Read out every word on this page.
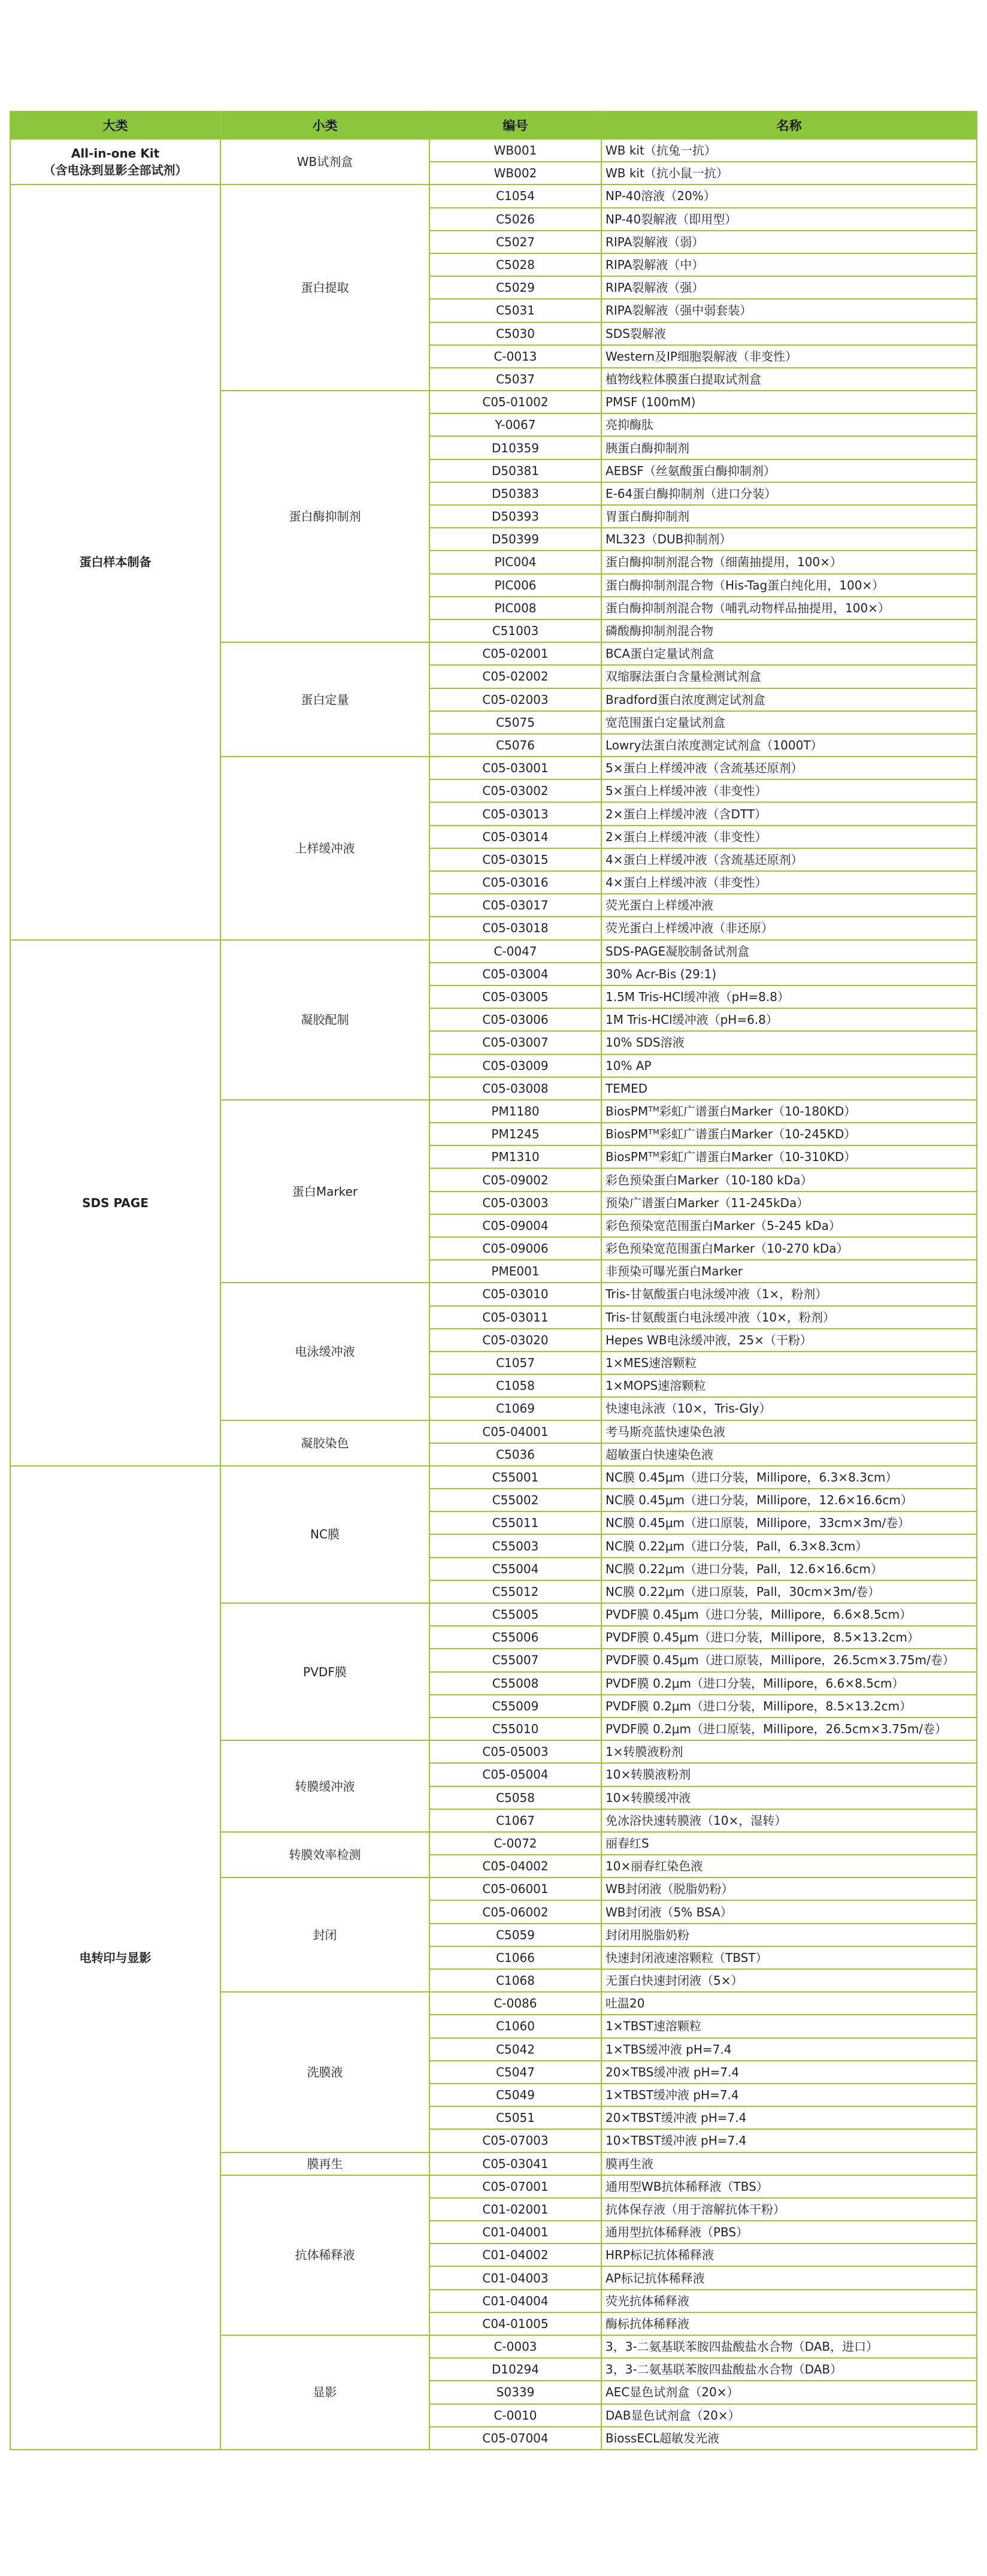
大类	小类	编号	名称

All-in-one Kit
（含电泳到显影全部试剂）	WB试剂盒	WB001	WB kit（抗兔一抗）
		WB002	WB kit（抗小鼠一抗）

蛋白样本制备	蛋白提取	C1054	NP-40溶液（20%）
		C5026	NP-40裂解液（即用型）
		C5027	RIPA裂解液（弱）
		C5028	RIPA裂解液（中）
		C5029	RIPA裂解液（强）
		C5031	RIPA裂解液（强中弱套装）
		C5030	SDS裂解液
		C-0013	Western及IP细胞裂解液（非变性）
		C5037	植物线粒体膜蛋白提取试剂盒
	蛋白酶抑制剂	C05-01002	PMSF (100mM)
		Y-0067	亮抑酶肽
		D10359	胰蛋白酶抑制剂
		D50381	AEBSF（丝氨酸蛋白酶抑制剂）
		D50383	E-64蛋白酶抑制剂（进口分装）
		D50393	胃蛋白酶抑制剂
		D50399	ML323（DUB抑制剂）
		PIC004	蛋白酶抑制剂混合物（细菌抽提用，100×）
		PIC006	蛋白酶抑制剂混合物（His-Tag蛋白纯化用，100×）
		PIC008	蛋白酶抑制剂混合物（哺乳动物样品抽提用，100×）
		C51003	磷酸酶抑制剂混合物
	蛋白定量	C05-02001	BCA蛋白定量试剂盒
		C05-02002	双缩脲法蛋白含量检测试剂盒
		C05-02003	Bradford蛋白浓度测定试剂盒
		C5075	宽范围蛋白定量试剂盒
		C5076	Lowry法蛋白浓度测定试剂盒（1000T）
	上样缓冲液	C05-03001	5×蛋白上样缓冲液（含巯基还原剂）
		C05-03002	5×蛋白上样缓冲液（非变性）
		C05-03013	2×蛋白上样缓冲液（含DTT）
		C05-03014	2×蛋白上样缓冲液（非变性）
		C05-03015	4×蛋白上样缓冲液（含巯基还原剂）
		C05-03016	4×蛋白上样缓冲液（非变性）
		C05-03017	荧光蛋白上样缓冲液
		C05-03018	荧光蛋白上样缓冲液（非还原）

SDS PAGE	凝胶配制	C-0047	SDS-PAGE凝胶制备试剂盒
		C05-03004	30% Acr-Bis (29:1)
		C05-03005	1.5M Tris-HCl缓冲液（pH=8.8）
		C05-03006	1M Tris-HCl缓冲液（pH=6.8）
		C05-03007	10% SDS溶液
		C05-03009	10% AP
		C05-03008	TEMED
	蛋白Marker	PM1180	BiosPMᵀᴹ彩虹广谱蛋白Marker（10-180KD）
		PM1245	BiosPMᵀᴹ彩虹广谱蛋白Marker（10-245KD）
		PM1310	BiosPMᵀᴹ彩虹广谱蛋白Marker（10-310KD）
		C05-09002	彩色预染蛋白Marker（10-180 kDa）
		C05-03003	预染广谱蛋白Marker（11-245kDa）
		C05-09004	彩色预染宽范围蛋白Marker（5-245 kDa）
		C05-09006	彩色预染宽范围蛋白Marker（10-270 kDa）
		PME001	非预染可曝光蛋白Marker
	电泳缓冲液	C05-03010	Tris-甘氨酸蛋白电泳缓冲液（1×，粉剂）
		C05-03011	Tris-甘氨酸蛋白电泳缓冲液（10×，粉剂）
		C05-03020	Hepes WB电泳缓冲液，25×（干粉）
		C1057	1×MES速溶颗粒
		C1058	1×MOPS速溶颗粒
		C1069	快速电泳液（10×，Tris-Gly）
	凝胶染色	C05-04001	考马斯亮蓝快速染色液
		C5036	超敏蛋白快速染色液

电转印与显影	NC膜	C55001	NC膜 0.45μm（进口分装，Millipore，6.3×8.3cm）
		C55002	NC膜 0.45μm（进口分装，Millipore，12.6×16.6cm）
		C55011	NC膜 0.45μm（进口原装，Millipore，33cm×3m/卷）
		C55003	NC膜 0.22μm（进口分装，Pall，6.3×8.3cm）
		C55004	NC膜 0.22μm（进口分装，Pall，12.6×16.6cm）
		C55012	NC膜 0.22μm（进口原装，Pall，30cm×3m/卷）
	PVDF膜	C55005	PVDF膜 0.45μm（进口分装，Millipore，6.6×8.5cm）
		C55006	PVDF膜 0.45μm（进口分装，Millipore，8.5×13.2cm）
		C55007	PVDF膜 0.45μm（进口原装，Millipore，26.5cm×3.75m/卷）
		C55008	PVDF膜 0.2μm（进口分装，Millipore，6.6×8.5cm）
		C55009	PVDF膜 0.2μm（进口分装，Millipore，8.5×13.2cm）
		C55010	PVDF膜 0.2μm（进口原装，Millipore，26.5cm×3.75m/卷）
	转膜缓冲液	C05-05003	1×转膜液粉剂
		C05-05004	10×转膜液粉剂
		C5058	10×转膜缓冲液
		C1067	免冰浴快速转膜液（10×，湿转）
	转膜效率检测	C-0072	丽春红S
		C05-04002	10×丽春红染色液
	封闭	C05-06001	WB封闭液（脱脂奶粉）
		C05-06002	WB封闭液（5% BSA）
		C5059	封闭用脱脂奶粉
		C1066	快速封闭液速溶颗粒（TBST）
		C1068	无蛋白快速封闭液（5×）
	洗膜液	C-0086	吐温20
		C1060	1×TBST速溶颗粒
		C5042	1×TBS缓冲液 pH=7.4
		C5047	20×TBS缓冲液 pH=7.4
		C5049	1×TBST缓冲液 pH=7.4
		C5051	20×TBST缓冲液 pH=7.4
		C05-07003	10×TBST缓冲液 pH=7.4
	膜再生	C05-03041	膜再生液
	抗体稀释液	C05-07001	通用型WB抗体稀释液（TBS）
		C01-02001	抗体保存液（用于溶解抗体干粉）
		C01-04001	通用型抗体稀释液（PBS）
		C01-04002	HRP标记抗体稀释液
		C01-04003	AP标记抗体稀释液
		C01-04004	荧光抗体稀释液
		C04-01005	酶标抗体稀释液
	显影	C-0003	3，3-二氨基联苯胺四盐酸盐水合物（DAB，进口）
		D10294	3，3-二氨基联苯胺四盐酸盐水合物（DAB）
		S0339	AEC显色试剂盒（20×）
		C-0010	DAB显色试剂盒（20×）
		C05-07004	BiossECL超敏发光液
